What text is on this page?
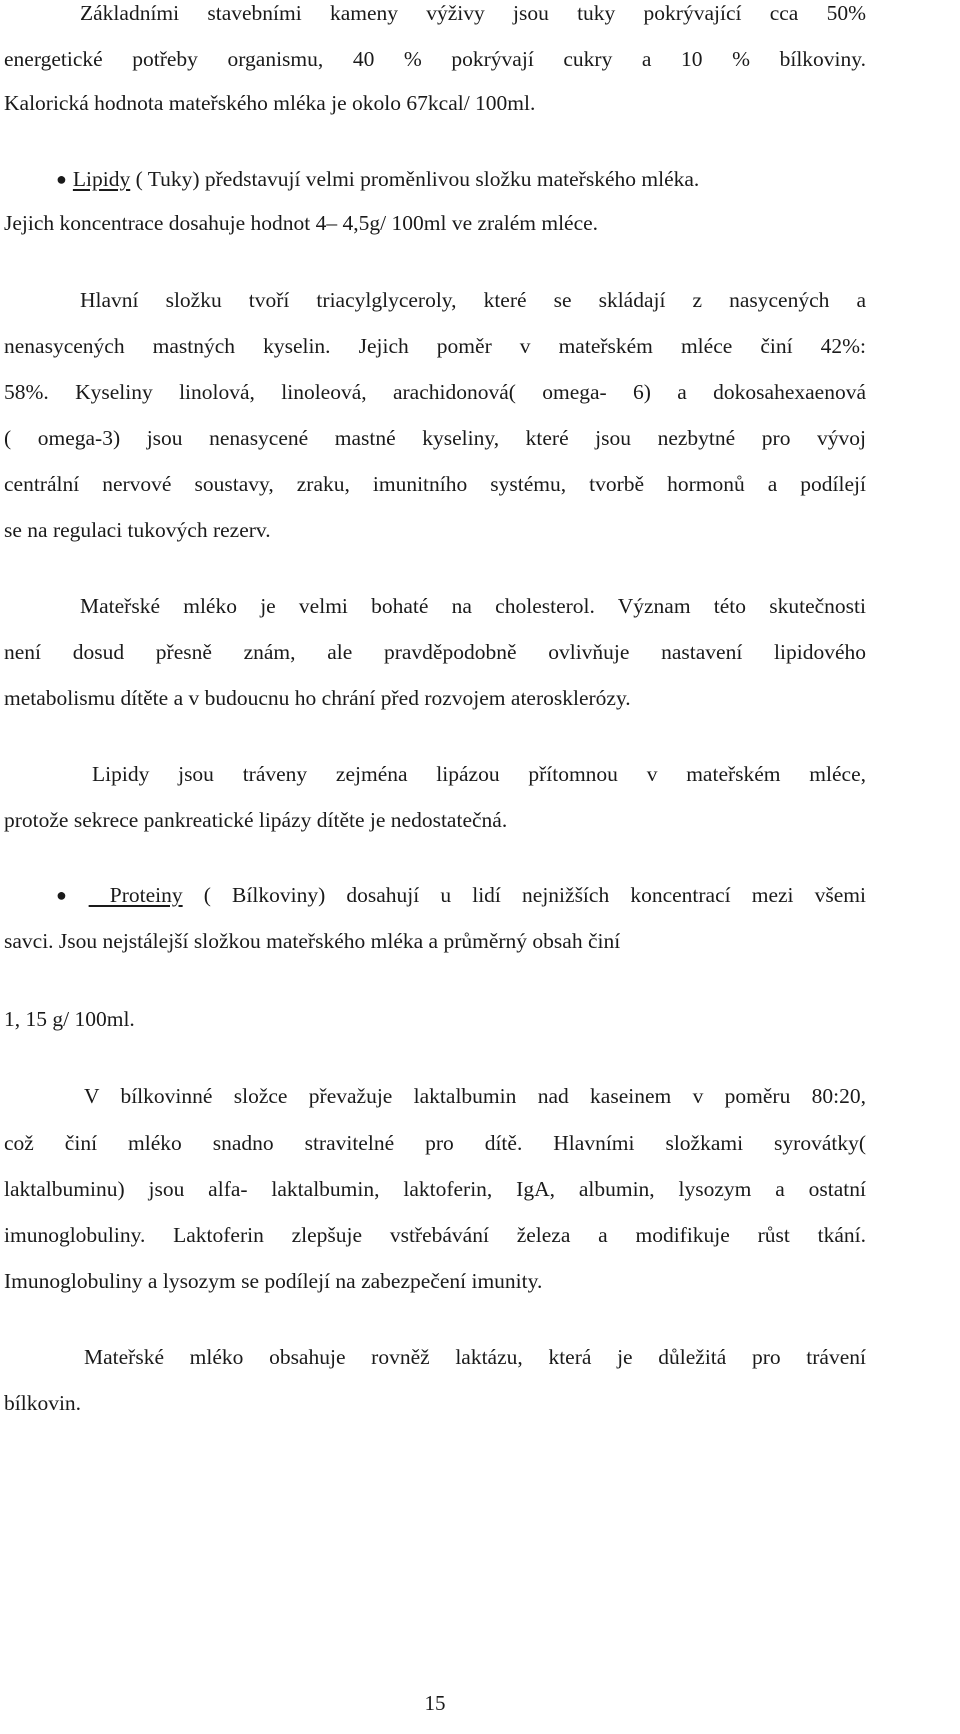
Základními stavebními kameny výživy jsou tuky pokrývající cca 50%
energetické potřeby organismu, 40 % pokrývají cukry a 10 % bílkoviny.
Kalorická hodnota mateřského mléka je okolo 67kcal/ 100ml.
● Lipidy ( Tuky) představují velmi proměnlivou složku mateřského mléka.
Jejich koncentrace dosahuje hodnot 4– 4,5g/ 100ml ve zralém mléce.
Hlavní složku tvoří triacylglyceroly, které se skládají z nasycených a
nenasycených mastných kyselin. Jejich poměr v mateřském mléce činí 42%:
58%. Kyseliny linolová, linoleová, arachidonová( omega- 6) a dokosahexaenová
( omega-3) jsou nenasycené mastné kyseliny, které jsou nezbytné pro vývoj
centrální nervové soustavy, zraku, imunitního systému, tvorbě hormonů a podílejí
se na regulaci tukových rezerv.
Mateřské mléko je velmi bohaté na cholesterol. Význam této skutečnosti
není dosud přesně znám, ale pravděpodobně ovlivňuje nastavení lipidového
metabolismu dítěte a v budoucnu ho chrání před rozvojem aterosklerózy.
Lipidy jsou tráveny zejména lipázou přítomnou v mateřském mléce,
protože sekrece pankreatické lipázy dítěte je nedostatečná.
● Proteiny ( Bílkoviny) dosahují u lidí nejnižších koncentrací mezi všemi
savci. Jsou nejstálejší složkou mateřského mléka a průměrný obsah činí
1, 15 g/ 100ml.
V bílkovinné složce převažuje laktalbumin nad kaseinem v poměru 80:20,
což činí mléko snadno stravitelné pro dítě. Hlavními složkami syrovátky(
laktalbuminu) jsou alfa- laktalbumin, laktoferin, IgA, albumin, lysozym a ostatní
imunoglobuliny. Laktoferin zlepšuje vstřebávání železa a modifikuje růst tkání.
Imunoglobuliny a lysozym se podílejí na zabezpečení imunity.
Mateřské mléko obsahuje rovněž laktázu, která je důležitá pro trávení
bílkovin.
15
